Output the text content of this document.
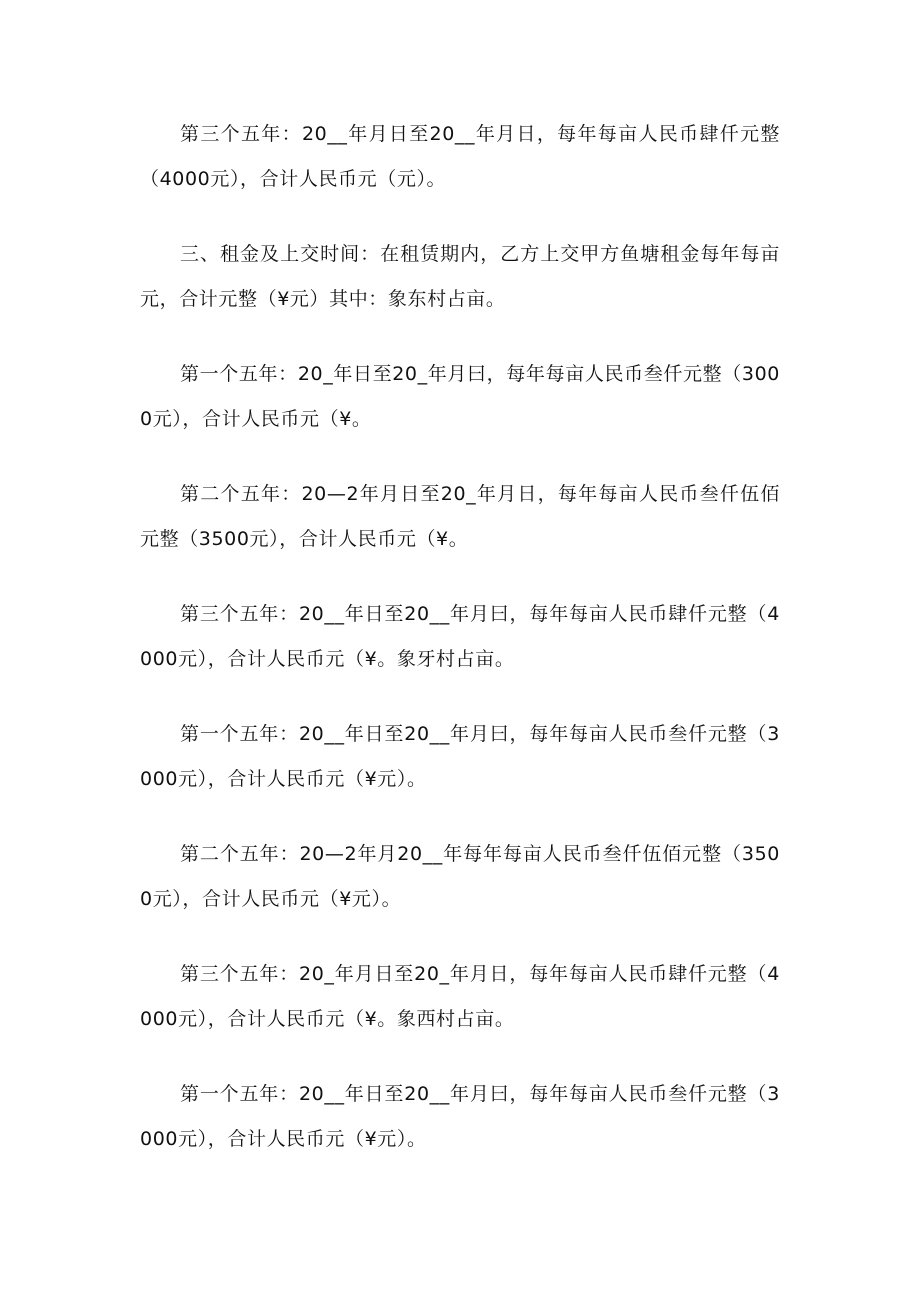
第三个五年：20__年月日至20__年月日，每年每亩人民币肆仟元整（4000元），合计人民币元（元）。

三、租金及上交时间：在租赁期内，乙方上交甲方鱼塘租金每年每亩元，合计元整（¥元）其中：象东村占亩。

第一个五年：20_年日至20_年月曰，每年每亩人民币叁仟元整（3000元），合计人民币元（¥。

第二个五年：20—2年月日至20_年月日，每年每亩人民币叁仟伍佰元整（3500元），合计人民币元（¥。

第三个五年：20__年日至20__年月曰，每年每亩人民币肆仟元整（4000元），合计人民币元（¥。象牙村占亩。

第一个五年：20__年日至20__年月曰，每年每亩人民币叁仟元整（3000元），合计人民币元（¥元）。

第二个五年：20—2年月20__年每年每亩人民币叁仟伍佰元整（3500元），合计人民币元（¥元）。

第三个五年：20_年月日至20_年月日，每年每亩人民币肆仟元整（4000元），合计人民币元（¥。象西村占亩。

第一个五年：20__年日至20__年月曰，每年每亩人民币叁仟元整（3000元），合计人民币元（¥元）。
